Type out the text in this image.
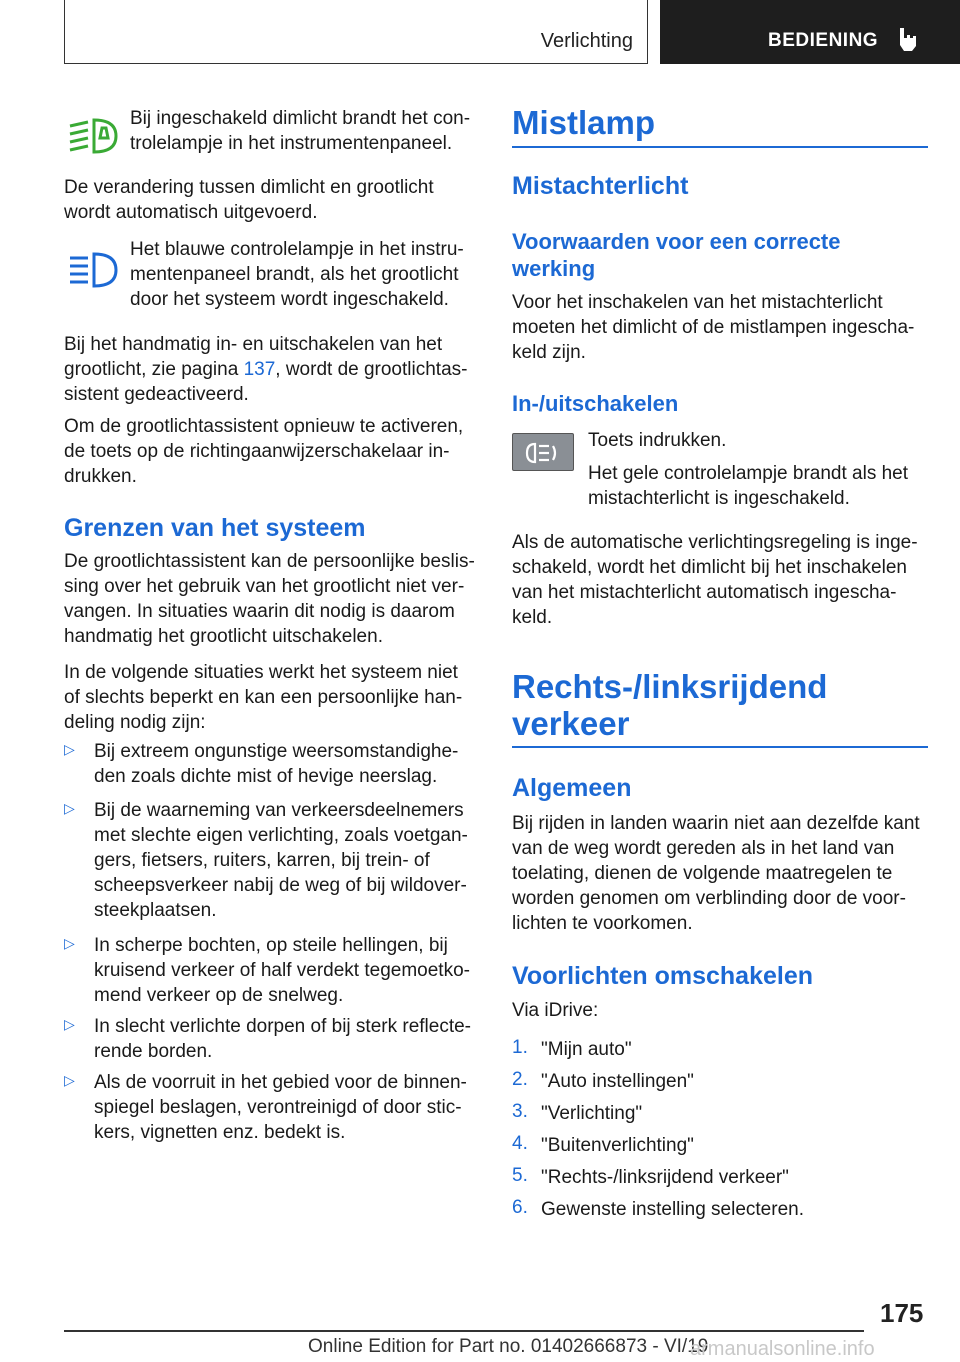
Verlichting	BEDIENING

Bij ingeschakeld dimlicht brandt het con-trolelampje in het instrumentenpaneel.

De verandering tussen dimlicht en grootlicht wordt automatisch uitgevoerd.

Het blauwe controlelampje in het instru-mentenpaneel brandt, als het grootlicht door het systeem wordt ingeschakeld.

Bij het handmatig in- en uitschakelen van het grootlicht, zie pagina 137, wordt de grootlichtas-sistent gedeactiveerd.

Om de grootlichtassistent opnieuw te activeren, de toets op de richtingaanwijzerschakelaar in-drukken.

Grenzen van het systeem

De grootlichtassistent kan de persoonlijke beslis-sing over het gebruik van het grootlicht niet ver-vangen. In situaties waarin dit nodig is daarom handmatig het grootlicht uitschakelen.

In de volgende situaties werkt het systeem niet of slechts beperkt en kan een persoonlijke han-deling nodig zijn:

▷ Bij extreem ongunstige weersomstandighe-den zoals dichte mist of hevige neerslag.

▷ Bij de waarneming van verkeersdeelnemers met slechte eigen verlichting, zoals voetgan-gers, fietsers, ruiters, karren, bij trein- of scheepsverkeer nabij de weg of bij wildover-steekplaatsen.

▷ In scherpe bochten, op steile hellingen, bij kruisend verkeer of half verdekt tegemoetko-mend verkeer op de snelweg.

▷ In slecht verlichte dorpen of bij sterk reflecte-rende borden.

▷ Als de voorruit in het gebied voor de binnen-spiegel beslagen, verontreinigd of door stic-kers, vignetten enz. bedekt is.

Mistlamp
Mistachterlicht
Voorwaarden voor een correcte werking

Voor het inschakelen van het mistachterlicht moeten het dimlicht of de mistlampen ingescha-keld zijn.

In-/uitschakelen

Toets indrukken.

Het gele controlelampje brandt als het mistachterlicht is ingeschakeld.

Als de automatische verlichtingsregeling is inge-schakeld, wordt het dimlicht bij het inschakelen van het mistachterlicht automatisch ingescha-keld.

Rechts-/linksrijdend verkeer
Algemeen

Bij rijden in landen waarin niet aan dezelfde kant van de weg wordt gereden als in het land van toelating, dienen de volgende maatregelen te worden genomen om verblinding door de voor-lichten te voorkomen.

Voorlichten omschakelen

Via iDrive:

1. "Mijn auto"
2. "Auto instellingen"
3. "Verlichting"
4. "Buitenverlichting"
5. "Rechts-/linksrijdend verkeer"
6. Gewenste instelling selecteren.
175
Online Edition for Part no. 01402666873 - VI/19
armanualsonline.info
